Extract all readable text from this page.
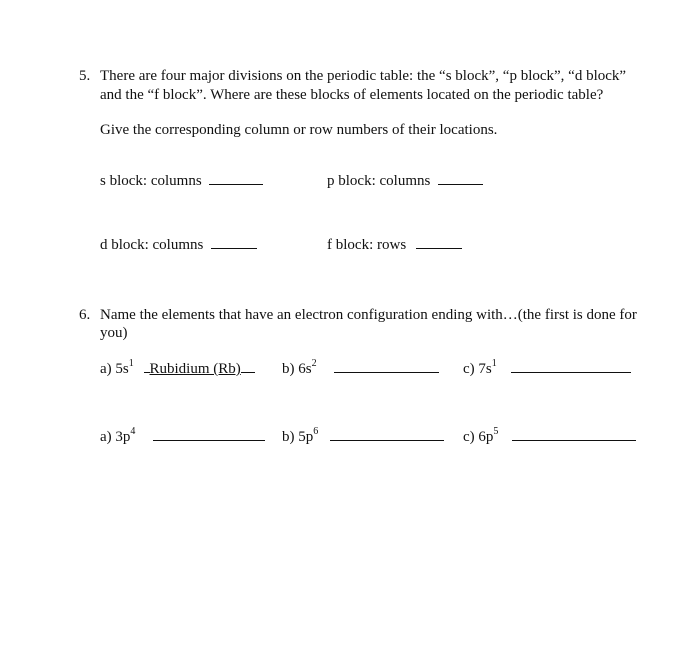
5. There are four major divisions on the periodic table: the “s block”, “p block”, “d block”
and the “f block”. Where are these blocks of elements located on the periodic table?
Give the corresponding column or row numbers of their locations.
s block: columns	p block: columns
d block: columns	f block: rows
6. Name the elements that have an electron configuration ending with…(the first is done for
you)
a) $5s^1$ Rubidium (Rb)	b) $6s^2$	c) $7s^1$
a) $3p^4$	b) $5p^6$	c) $6p^5$
